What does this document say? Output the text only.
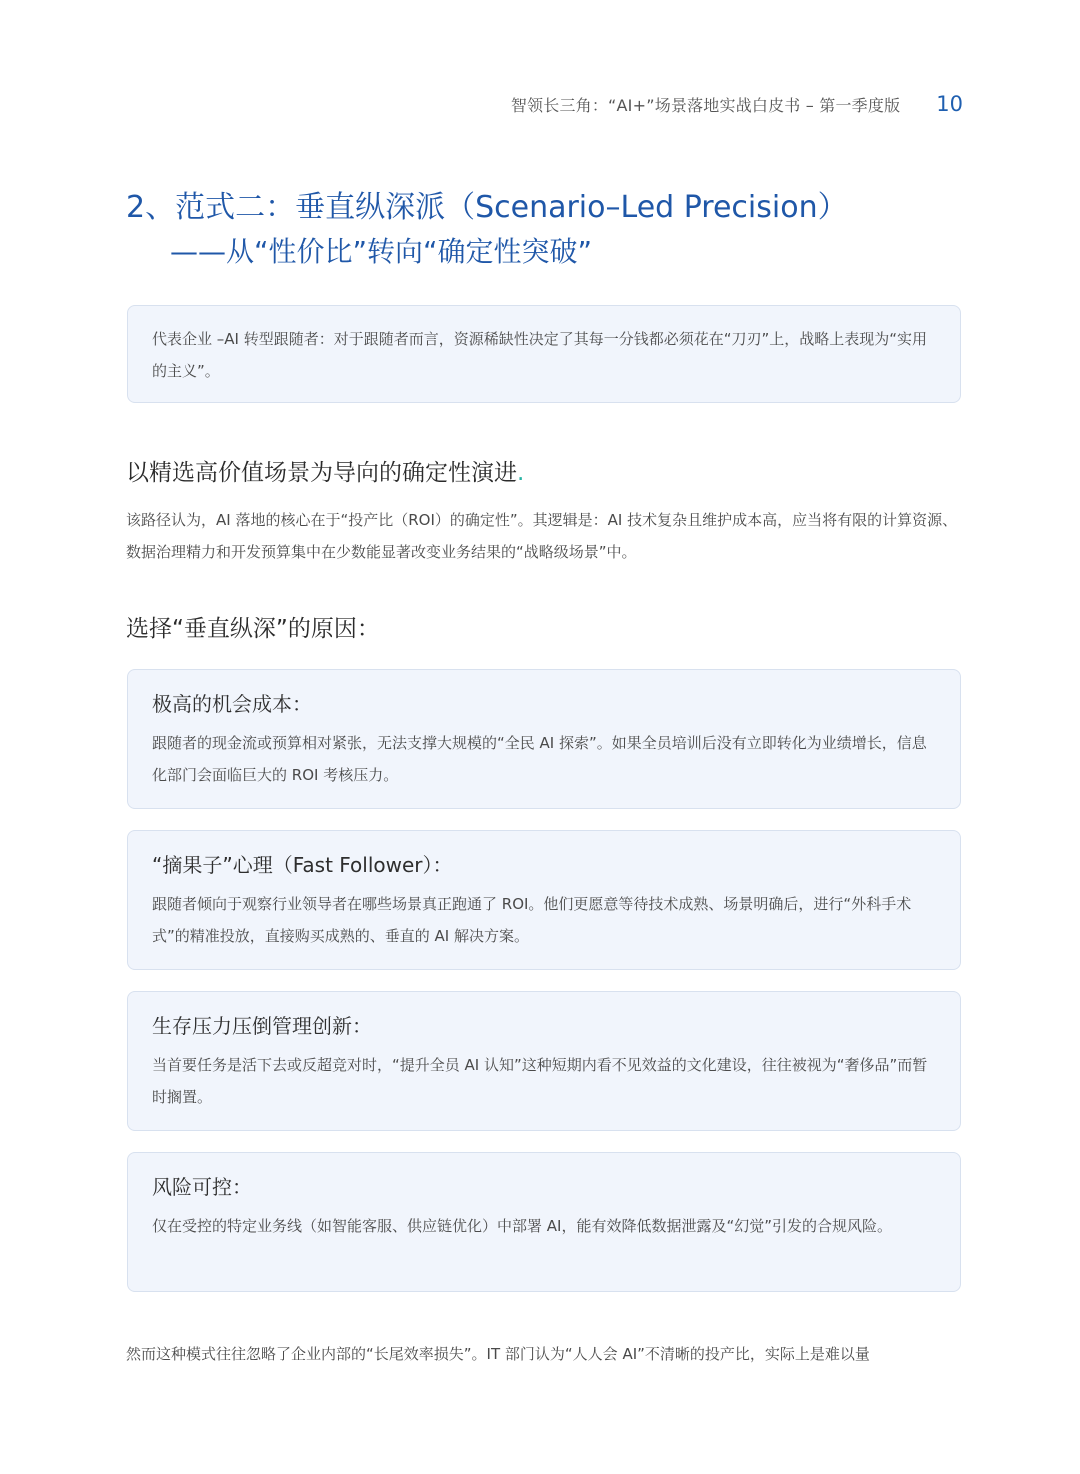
智领长三角：“AI+”场景落地实战白皮书 – 第一季度版 10
2、范式二：垂直纵深派（Scenario–Led Precision）
——从“性价比”转向“确定性突破”
代表企业 –AI 转型跟随者：对于跟随者而言，资源稀缺性决定了其每一分钱都必须花在“刀刃”上，战略上表现为“实用的主义”。
以精选高价值场景为导向的确定性演进.
该路径认为，AI 落地的核心在于“投产比（ROI）的确定性”。其逻辑是：AI 技术复杂且维护成本高，应当将有限的计算资源、数据治理精力和开发预算集中在少数能显著改变业务结果的“战略级场景”中。
选择“垂直纵深”的原因：
极高的机会成本：
跟随者的现金流或预算相对紧张，无法支撑大规模的“全民 AI 探索”。如果全员培训后没有立即转化为业绩增长，信息化部门会面临巨大的 ROI 考核压力。
“摘果子”心理（Fast Follower）：
跟随者倾向于观察行业领导者在哪些场景真正跑通了 ROI。他们更愿意等待技术成熟、场景明确后，进行“外科手术式”的精准投放，直接购买成熟的、垂直的 AI 解决方案。
生存压力压倒管理创新：
当首要任务是活下去或反超竞对时，“提升全员 AI 认知”这种短期内看不见效益的文化建设，往往被视为“奢侈品”而暂时搁置。
风险可控：
仅在受控的特定业务线（如智能客服、供应链优化）中部署 AI，能有效降低数据泄露及“幻觉”引发的合规风险。
然而这种模式往往忽略了企业内部的“长尾效率损失”。IT 部门认为“人人会 AI”不清晰的投产比，实际上是难以量
